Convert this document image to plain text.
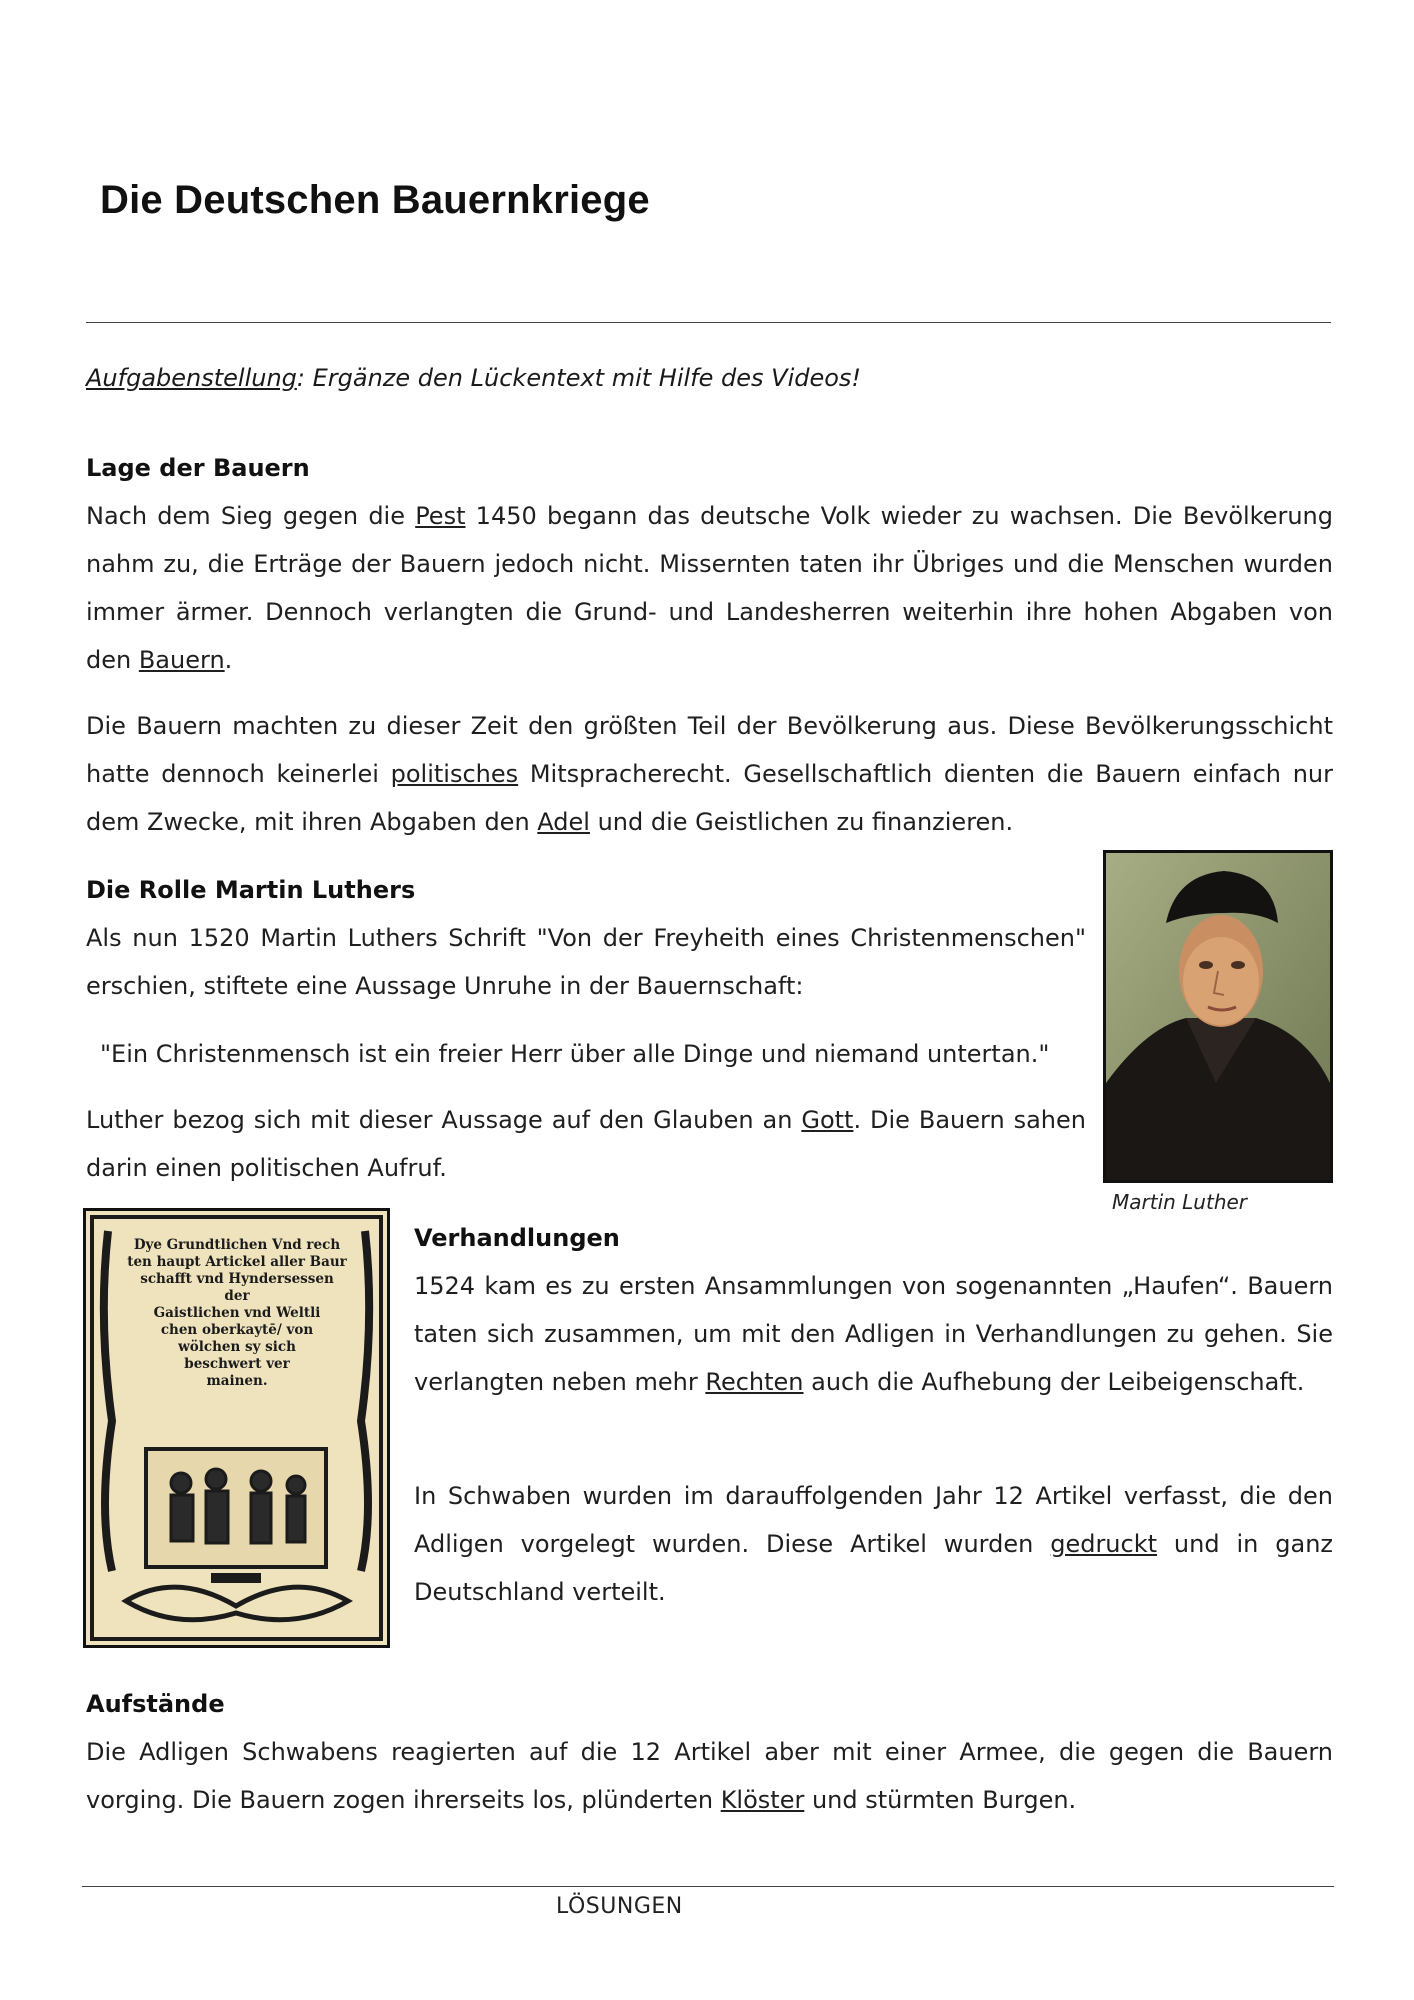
Die Deutschen Bauernkriege
Aufgabenstellung: Ergänze den Lückentext mit Hilfe des Videos!
Lage der Bauern
Nach dem Sieg gegen die Pest 1450 begann das deutsche Volk wieder zu wachsen. Die Bevölkerung nahm zu, die Erträge der Bauern jedoch nicht. Missernten taten ihr Übriges und die Menschen wurden immer ärmer. Dennoch verlangten die Grund- und Landesherren weiterhin ihre hohen Abgaben von den Bauern.
Die Bauern machten zu dieser Zeit den größten Teil der Bevölkerung aus. Diese Bevölkerungsschicht hatte dennoch keinerlei politisches Mitspracherecht. Gesellschaftlich dienten die Bauern einfach nur dem Zwecke, mit ihren Abgaben den Adel und die Geistlichen zu finanzieren.
Die Rolle Martin Luthers
Als nun 1520 Martin Luthers Schrift "Von der Freyheith eines Christenmenschen" erschien, stiftete eine Aussage Unruhe in der Bauernschaft:
"Ein Christenmensch ist ein freier Herr über alle Dinge und niemand untertan."
Luther bezog sich mit dieser Aussage auf den Glauben an Gott. Die Bauern sahen darin einen politischen Aufruf.
Martin Luther
Dye Grundtlichen Vnd rech
ten haupt Artickel aller Baur
schafft vnd Hyndersessen der
Gaistlichen vnd Weltli
chen oberkaytē/ von
wölchen sy sich
beschwert ver
mainen.
Verhandlungen
1524 kam es zu ersten Ansammlungen von sogenannten „Haufen“. Bauern taten sich zusammen, um mit den Adligen in Verhandlungen zu gehen. Sie verlangten neben mehr Rechten auch die Aufhebung der Leibeigenschaft.
In Schwaben wurden im darauffolgenden Jahr 12 Artikel verfasst, die den Adligen vorgelegt wurden. Diese Artikel wurden gedruckt und in ganz Deutschland verteilt.
Aufstände
Die Adligen Schwabens reagierten auf die 12 Artikel aber mit einer Armee, die gegen die Bauern vorging. Die Bauern zogen ihrerseits los, plünderten Klöster und stürmten Burgen.
LÖSUNGEN
